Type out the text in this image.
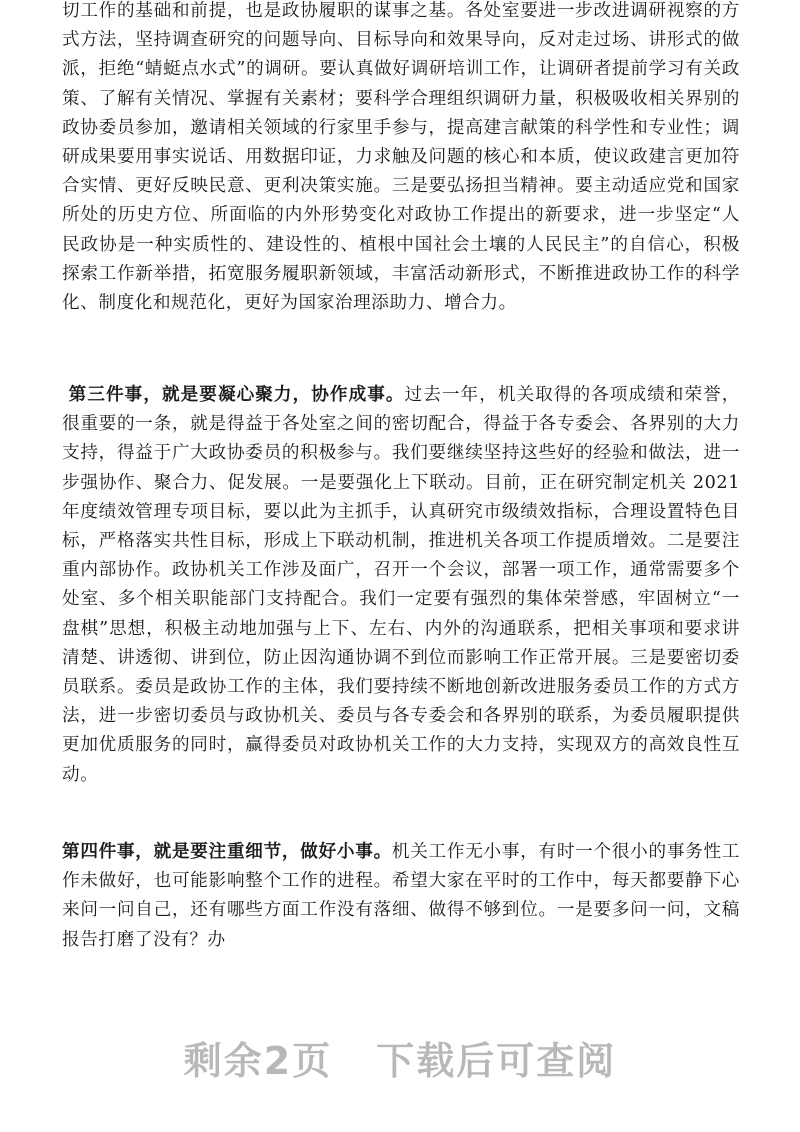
切工作的基础和前提，也是政协履职的谋事之基。各处室要进一步改进调研视察的方式方法，坚持调查研究的问题导向、目标导向和效果导向，反对走过场、讲形式的做派，拒绝“蜻蜓点水式”的调研。要认真做好调研培训工作，让调研者提前学习有关政策、了解有关情况、掌握有关素材；要科学合理组织调研力量，积极吸收相关界别的政协委员参加，邀请相关领域的行家里手参与，提高建言献策的科学性和专业性；调研成果要用事实说话、用数据印证，力求触及问题的核心和本质，使议政建言更加符合实情、更好反映民意、更利决策实施。三是要弘扬担当精神。要主动适应党和国家所处的历史方位、所面临的内外形势变化对政协工作提出的新要求，进一步坚定“人民政协是一种实质性的、建设性的、植根中国社会土壤的人民民主”的自信心，积极探索工作新举措，拓宽服务履职新领域，丰富活动新形式，不断推进政协工作的科学化、制度化和规范化，更好为国家治理添助力、增合力。

第三件事，就是要凝心聚力，协作成事。过去一年，机关取得的各项成绩和荣誉，很重要的一条，就是得益于各处室之间的密切配合，得益于各专委会、各界别的大力支持，得益于广大政协委员的积极参与。我们要继续坚持这些好的经验和做法，进一步强协作、聚合力、促发展。一是要强化上下联动。目前，正在研究制定机关 2021 年度绩效管理专项目标，要以此为主抓手，认真研究市级绩效指标，合理设置特色目标，严格落实共性目标，形成上下联动机制，推进机关各项工作提质增效。二是要注重内部协作。政协机关工作涉及面广，召开一个会议，部署一项工作，通常需要多个处室、多个相关职能部门支持配合。我们一定要有强烈的集体荣誉感，牢固树立“一盘棋”思想，积极主动地加强与上下、左右、内外的沟通联系，把相关事项和要求讲清楚、讲透彻、讲到位，防止因沟通协调不到位而影响工作正常开展。三是要密切委员联系。委员是政协工作的主体，我们要持续不断地创新改进服务委员工作的方式方法，进一步密切委员与政协机关、委员与各专委会和各界别的联系，为委员履职提供更加优质服务的同时，赢得委员对政协机关工作的大力支持，实现双方的高效良性互动。

第四件事，就是要注重细节，做好小事。机关工作无小事，有时一个很小的事务性工作未做好，也可能影响整个工作的进程。希望大家在平时的工作中，每天都要静下心来问一问自己，还有哪些方面工作没有落细、做得不够到位。一是要多问一问，文稿报告打磨了没有？办

剩余2页 下载后可查阅
